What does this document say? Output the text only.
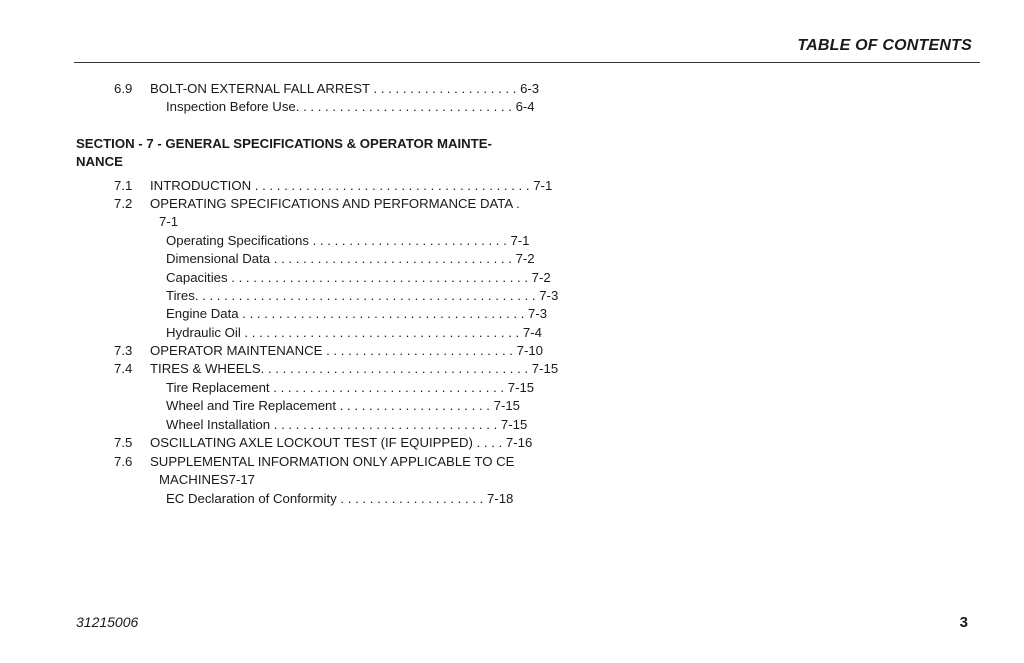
TABLE OF CONTENTS
6.9 BOLT-ON EXTERNAL FALL ARREST . . . . . . . . . . . . . . . . . . . . 6-3
Inspection Before Use. . . . . . . . . . . . . . . . . . . . . . . . . . . . . . 6-4
SECTION - 7 - GENERAL SPECIFICATIONS & OPERATOR MAINTE-
NANCE
7.1 INTRODUCTION . . . . . . . . . . . . . . . . . . . . . . . . . . . . . . . . . . . . . . 7-1
7.2 OPERATING SPECIFICATIONS AND PERFORMANCE DATA .
7-1
Operating Specifications . . . . . . . . . . . . . . . . . . . . . . . . . . . 7-1
Dimensional Data . . . . . . . . . . . . . . . . . . . . . . . . . . . . . . . . . 7-2
Capacities . . . . . . . . . . . . . . . . . . . . . . . . . . . . . . . . . . . . . . . . . 7-2
Tires. . . . . . . . . . . . . . . . . . . . . . . . . . . . . . . . . . . . . . . . . . . . . . . 7-3
Engine Data . . . . . . . . . . . . . . . . . . . . . . . . . . . . . . . . . . . . . . . 7-3
Hydraulic Oil . . . . . . . . . . . . . . . . . . . . . . . . . . . . . . . . . . . . . . 7-4
7.3 OPERATOR MAINTENANCE . . . . . . . . . . . . . . . . . . . . . . . . . . 7-10
7.4 TIRES & WHEELS. . . . . . . . . . . . . . . . . . . . . . . . . . . . . . . . . . . . . 7-15
Tire Replacement . . . . . . . . . . . . . . . . . . . . . . . . . . . . . . . . 7-15
Wheel and Tire Replacement . . . . . . . . . . . . . . . . . . . . . 7-15
Wheel Installation . . . . . . . . . . . . . . . . . . . . . . . . . . . . . . . 7-15
7.5 OSCILLATING AXLE LOCKOUT TEST (IF EQUIPPED) . . . . 7-16
7.6 SUPPLEMENTAL INFORMATION ONLY APPLICABLE TO CE
MACHINES7-17
EC Declaration of Conformity . . . . . . . . . . . . . . . . . . . . 7-18
31215006	3
